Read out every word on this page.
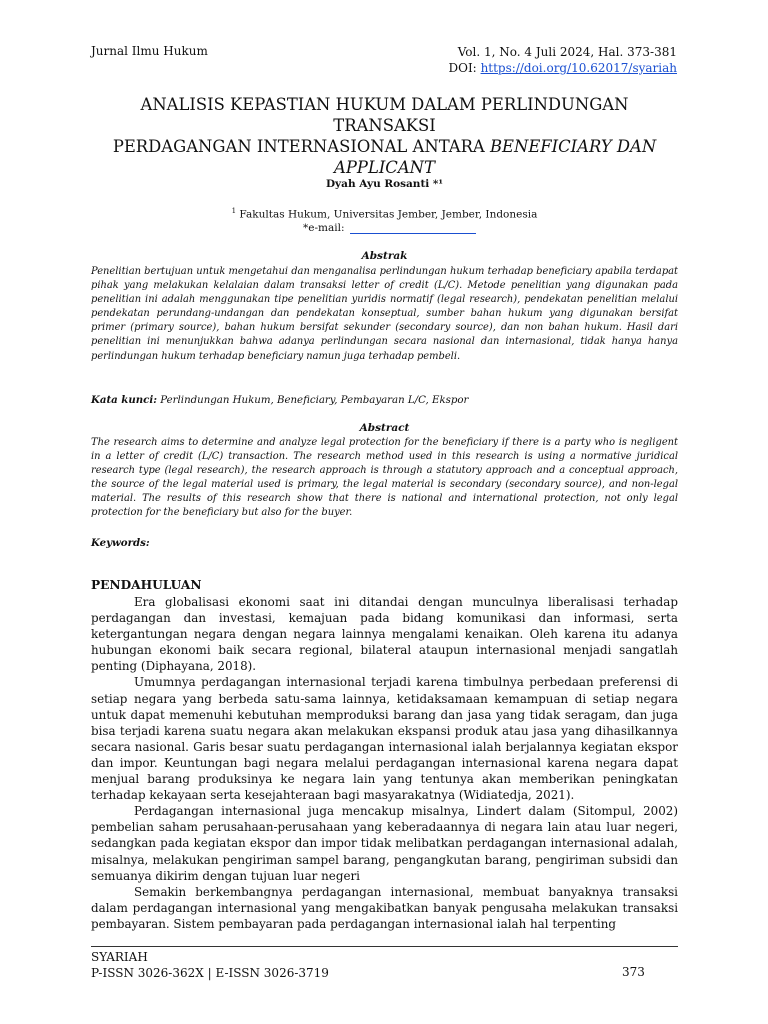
Jurnal Ilmu Hukum	Vol. 1, No. 4 Juli 2024, Hal. 373-381
DOI: https://doi.org/10.62017/syariah
ANALISIS KEPASTIAN HUKUM DALAM PERLINDUNGAN TRANSAKSI
PERDAGANGAN INTERNASIONAL ANTARA BENEFICIARY DAN
APPLICANT
Dyah Ayu Rosanti *¹
$^1$ Fakultas Hukum, Universitas Jember, Jember, Indonesia
*e-mail:
Abstrak
Penelitian bertujuan untuk mengetahui dan menganalisa perlindungan hukum terhadap beneficiary apabila terdapat pihak yang melakukan kelalaian dalam transaksi letter of credit (L/C). Metode penelitian yang digunakan pada penelitian ini adalah menggunakan tipe penelitian yuridis normatif (legal research), pendekatan penelitian melalui pendekatan perundang-undangan dan pendekatan konseptual, sumber bahan hukum yang digunakan bersifat primer (primary source), bahan hukum bersifat sekunder (secondary source), dan non bahan hukum. Hasil dari penelitian ini menunjukkan bahwa adanya perlindungan secara nasional dan internasional, tidak hanya hanya perlindungan hukum terhadap beneficiary namun juga terhadap pembeli.
Kata kunci: Perlindungan Hukum, Beneficiary, Pembayaran L/C, Ekspor
Abstract
The research aims to determine and analyze legal protection for the beneficiary if there is a party who is negligent in a letter of credit (L/C) transaction. The research method used in this research is using a normative juridical research type (legal research), the research approach is through a statutory approach and a conceptual approach, the source of the legal material used is primary, the legal material is secondary (secondary source), and non-legal material. The results of this research show that there is national and international protection, not only legal protection for the beneficiary but also for the buyer.
Keywords:
PENDAHULUAN

Era globalisasi ekonomi saat ini ditandai dengan munculnya liberalisasi terhadap perdagangan dan investasi, kemajuan pada bidang komunikasi dan informasi, serta ketergantungan negara dengan negara lainnya mengalami kenaikan. Oleh karena itu adanya hubungan ekonomi baik secara regional, bilateral ataupun internasional menjadi sangatlah penting (Diphayana, 2018).

Umumnya perdagangan internasional terjadi karena timbulnya perbedaan preferensi di setiap negara yang berbeda satu-sama lainnya, ketidaksamaan kemampuan di setiap negara untuk dapat memenuhi kebutuhan memproduksi barang dan jasa yang tidak seragam, dan juga bisa terjadi karena suatu negara akan melakukan ekspansi produk atau jasa yang dihasilkannya secara nasional. Garis besar suatu perdagangan internasional ialah berjalannya kegiatan ekspor dan impor. Keuntungan bagi negara melalui perdagangan internasional karena negara dapat menjual barang produksinya ke negara lain yang tentunya akan memberikan peningkatan terhadap kekayaan serta kesejahteraan bagi masyarakatnya (Widiatedja, 2021).

Perdagangan internasional juga mencakup misalnya, Lindert dalam (Sitompul, 2002) pembelian saham perusahaan-perusahaan yang keberadaannya di negara lain atau luar negeri, sedangkan pada kegiatan ekspor dan impor tidak melibatkan perdagangan internasional adalah, misalnya, melakukan pengiriman sampel barang, pengangkutan barang, pengiriman subsidi dan semuanya dikirim dengan tujuan luar negeri

Semakin berkembangnya perdagangan internasional, membuat banyaknya transaksi dalam perdagangan internasional yang mengakibatkan banyak pengusaha melakukan transaksi pembayaran. Sistem pembayaran pada perdagangan internasional ialah hal terpenting

SYARIAH
P-ISSN 3026-362X | E-ISSN 3026-3719	373
